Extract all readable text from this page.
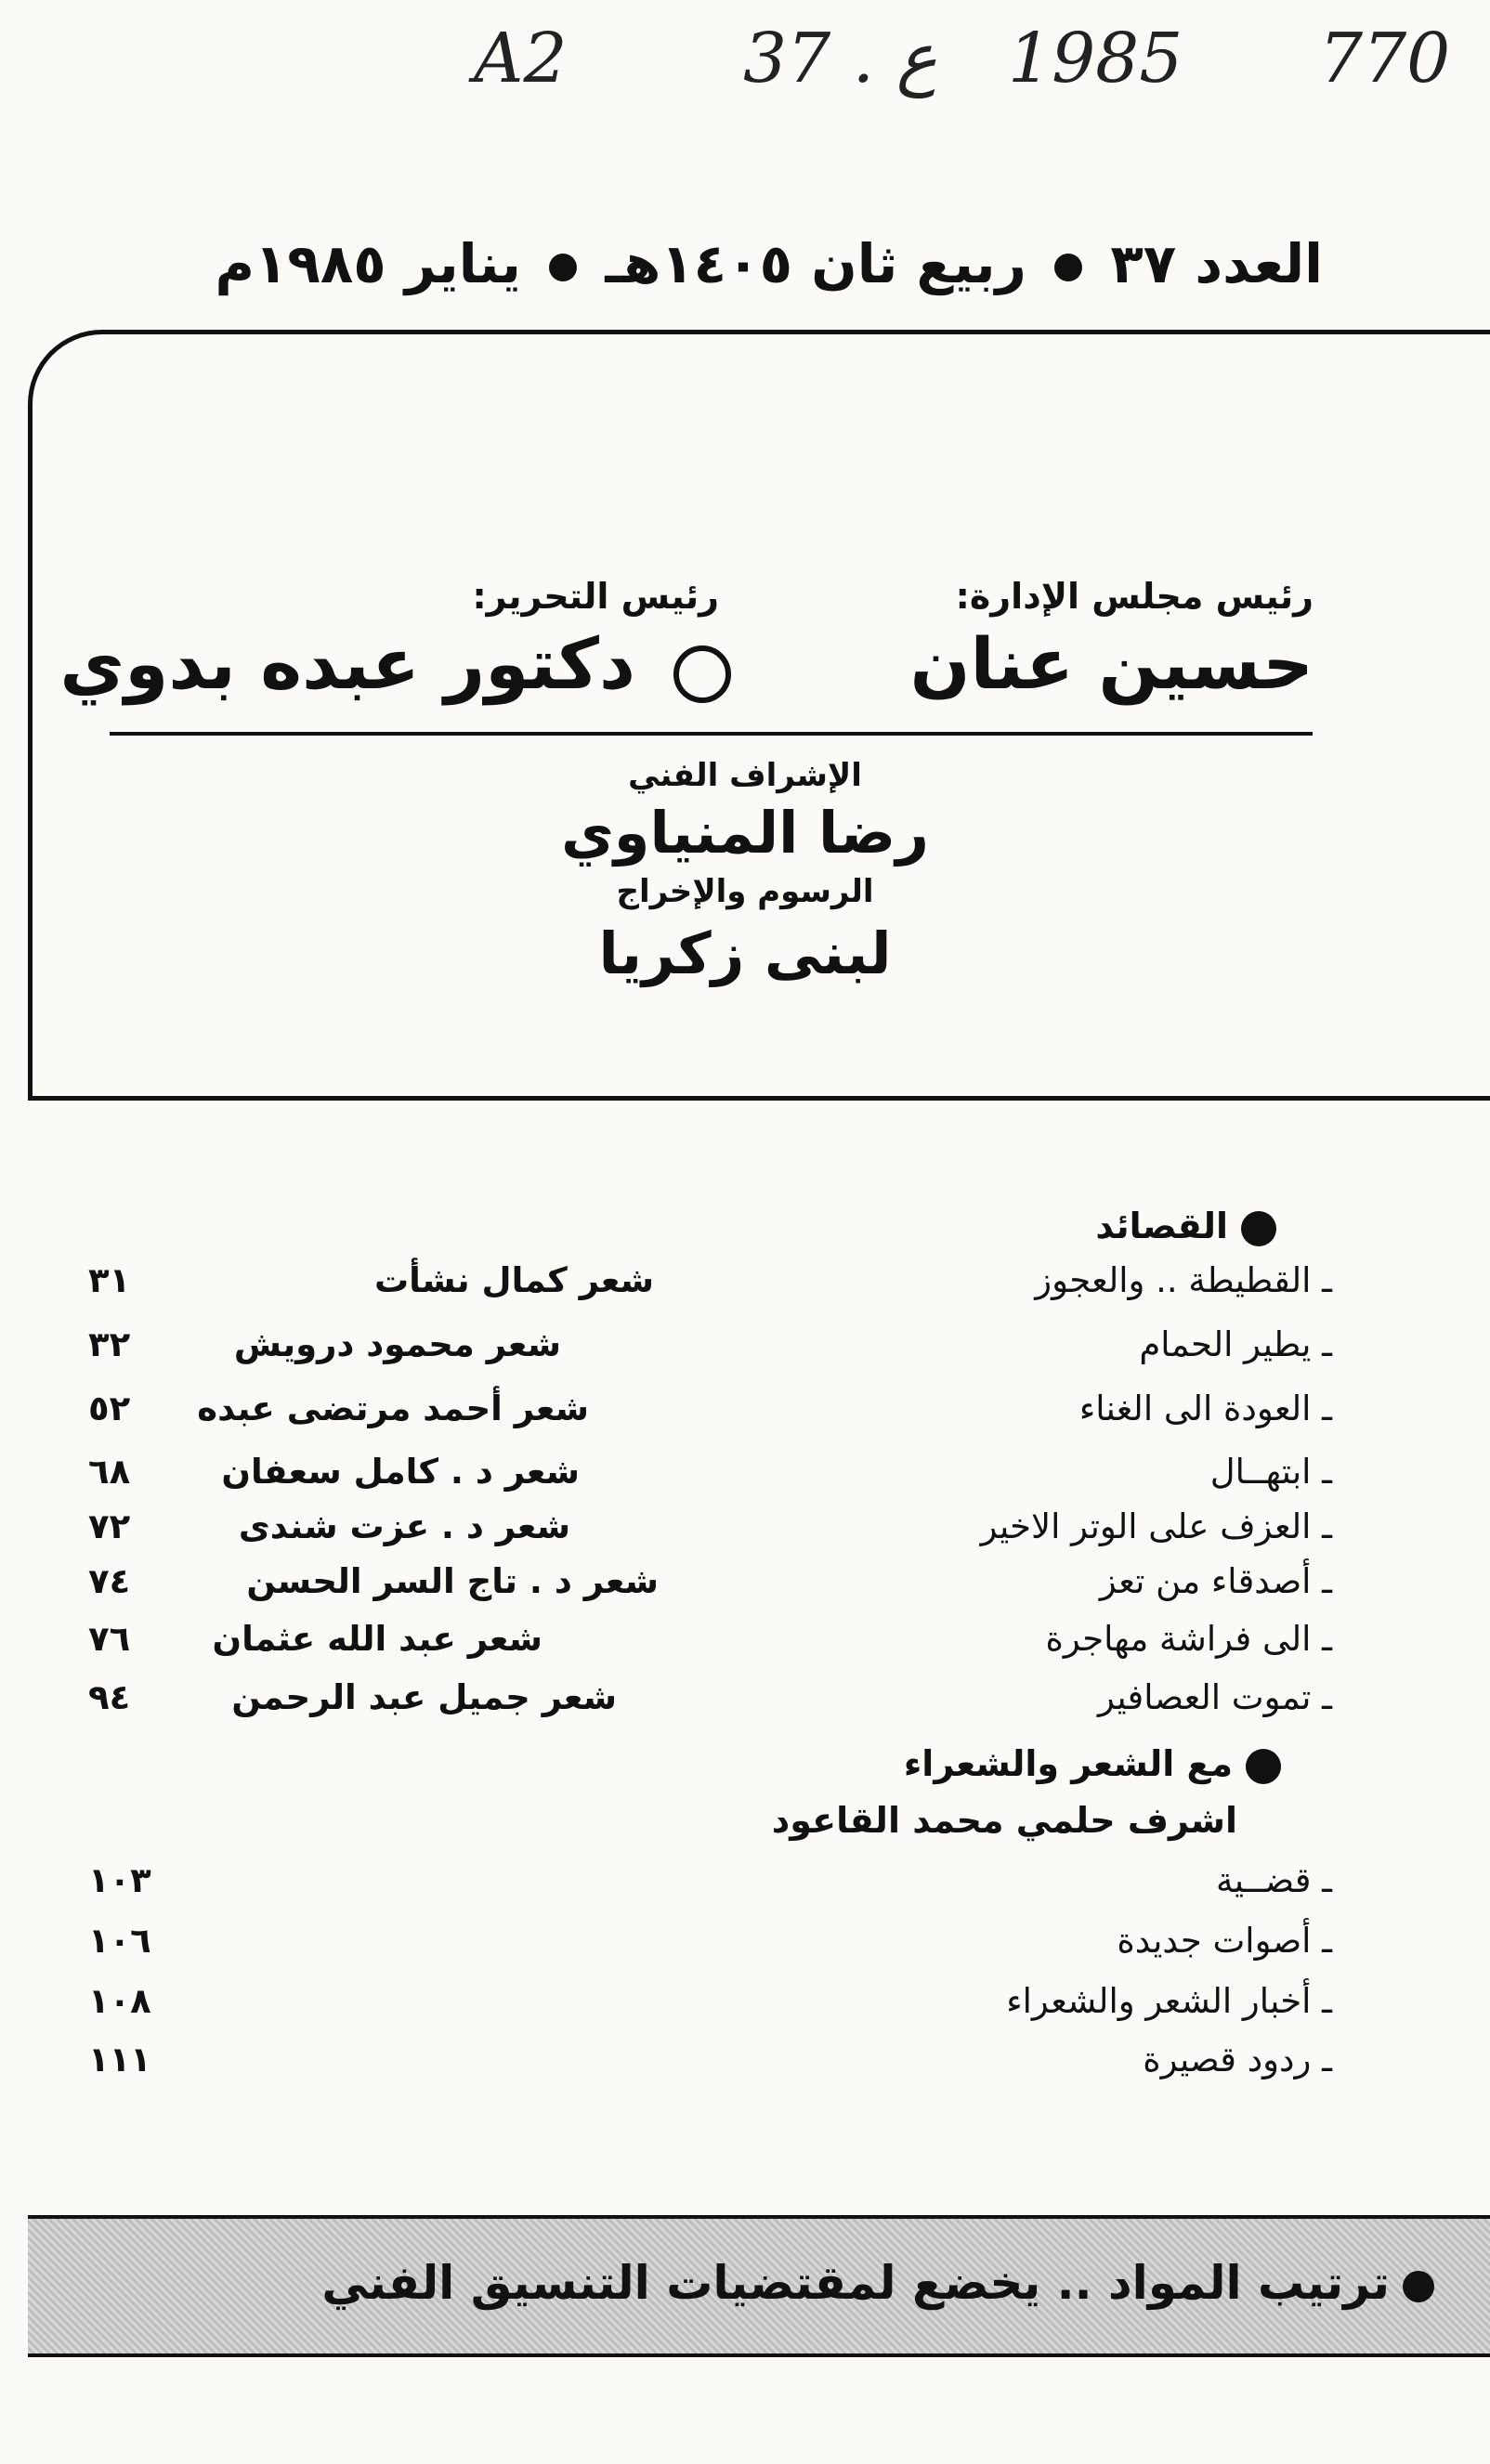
A2	37 . ع 1985 770
العدد ٣٧  ربيع ثان ١٤٠٥هـ  يناير ١٩٨٥م
رئيس مجلس الإدارة:
رئيس التحرير:
حسين عنان
دكتور عبده بدوي
الإشراف الفني
رضا المنياوي
الرسوم والإخراج
لبنى زكريا
القصائد
ـ القطيطة .. والعجوز
شعر كمال نشأت
٣١
ـ يطير الحمام
شعر محمود درويش
٣٢
ـ العودة الى الغناء
شعر أحمد مرتضى عبده
٥٢
ـ ابتهــال
شعر د . كامل سعفان
٦٨
ـ العزف على الوتر الاخير
شعر د . عزت شندى
٧٢
ـ أصدقاء من تعز
شعر د . تاج السر الحسن
٧٤
ـ الى فراشة مهاجرة
شعر عبد الله عثمان
٧٦
ـ تموت العصافير
شعر جميل عبد الرحمن
٩٤
مع الشعر والشعراء
اشرف حلمي محمد القاعود
ـ قضــية
١٠٣
ـ أصوات جديدة
١٠٦
ـ أخبار الشعر والشعراء
١٠٨
ـ ردود قصيرة
١١١
ترتيب المواد .. يخضع لمقتضيات التنسيق الفني
